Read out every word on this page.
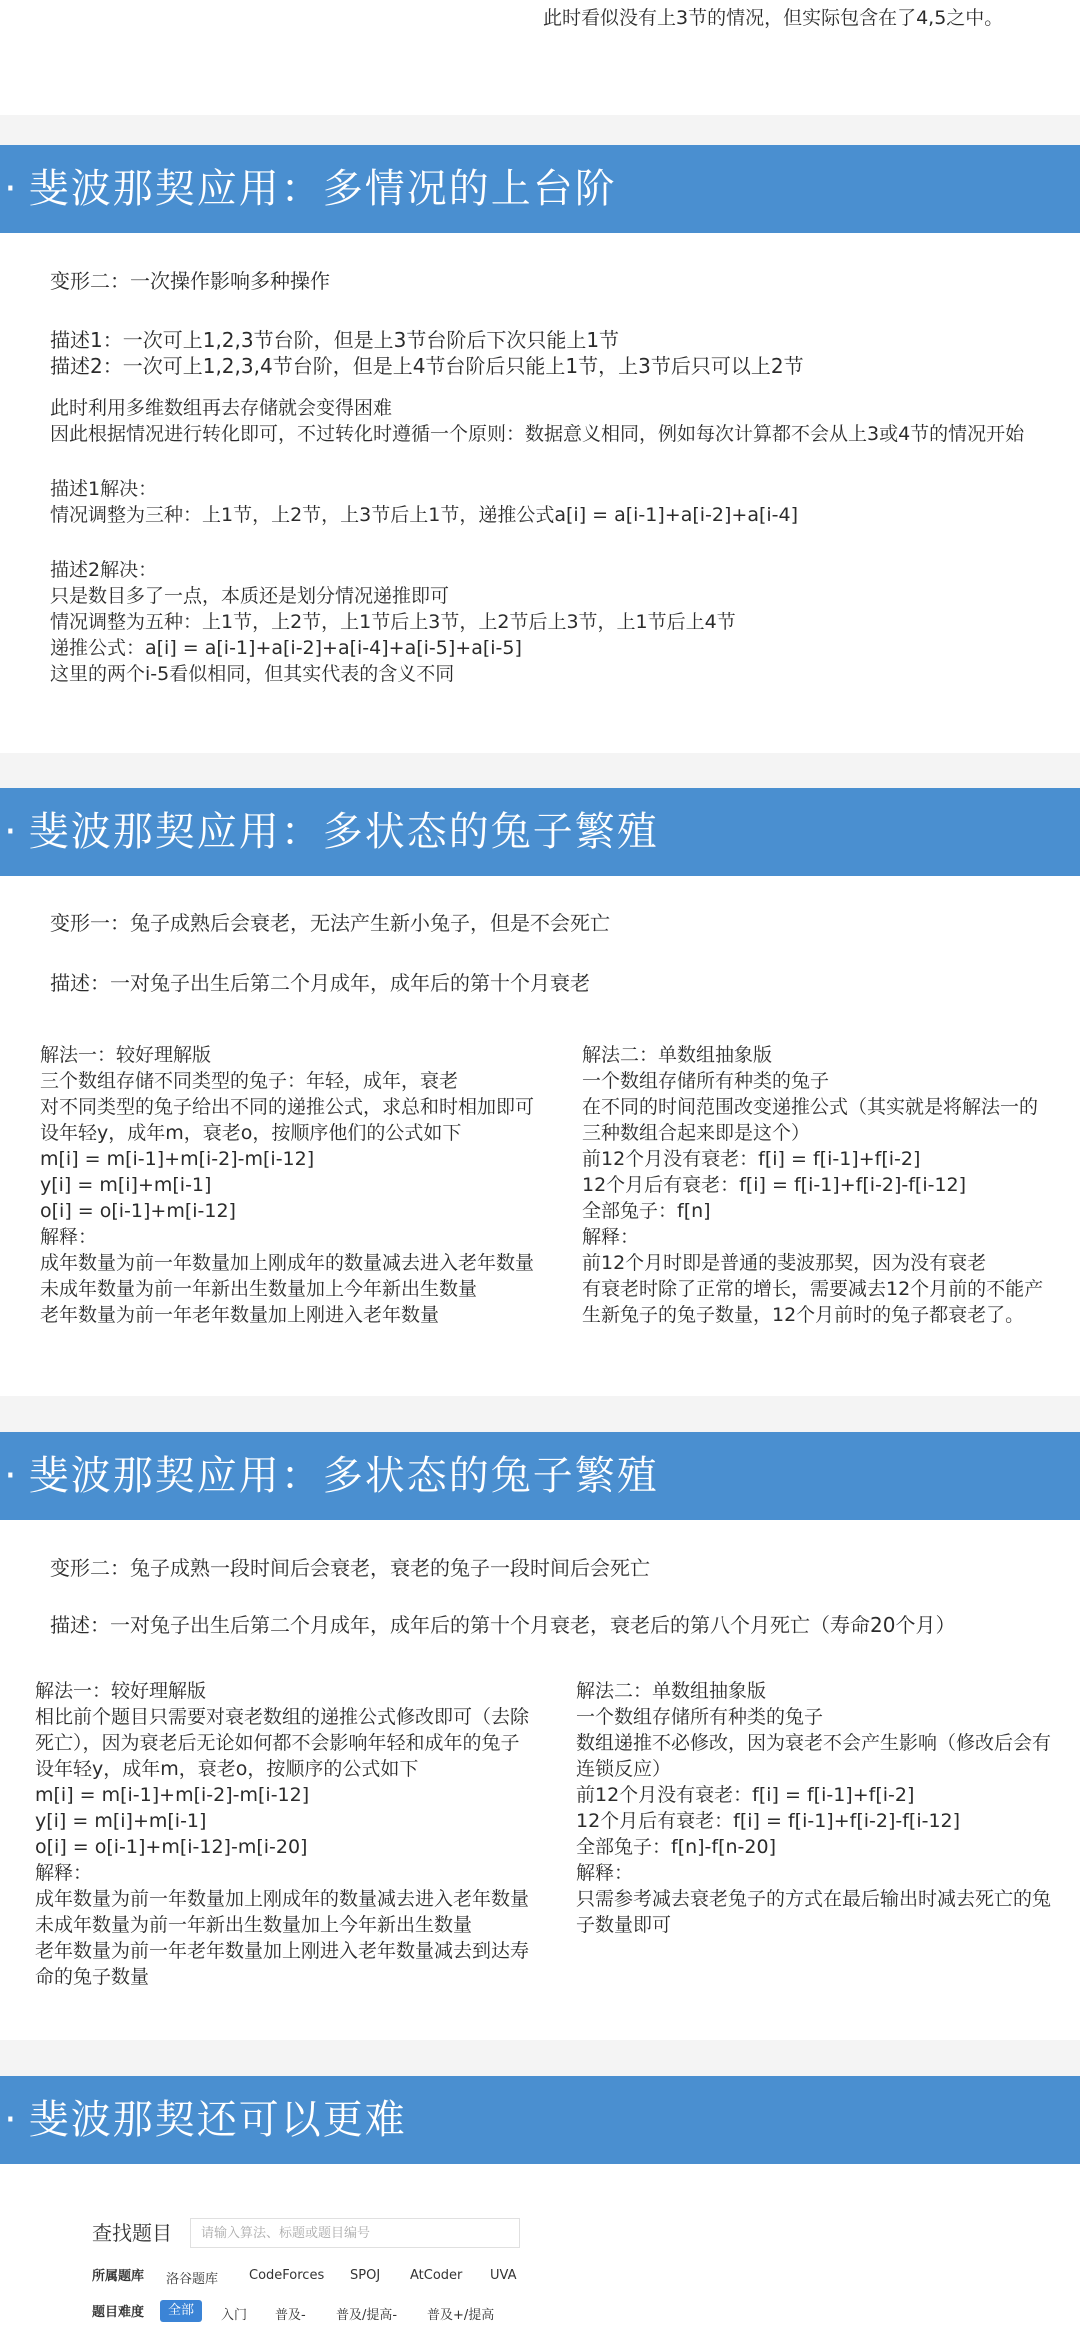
此时看似没有上3节的情况，但实际包含在了4,5之中。
· 斐波那契应用：多情况的上台阶
变形二：一次操作影响多种操作
描述1：一次可上1,2,3节台阶，但是上3节台阶后下次只能上1节
描述2：一次可上1,2,3,4节台阶，但是上4节台阶后只能上1节，上3节后只可以上2节
此时利用多维数组再去存储就会变得困难
因此根据情况进行转化即可，不过转化时遵循一个原则：数据意义相同，例如每次计算都不会从上3或4节的情况开始
描述1解决：
情况调整为三种：上1节，上2节，上3节后上1节，递推公式a[i] = a[i-1]+a[i-2]+a[i-4]
描述2解决：
只是数目多了一点，本质还是划分情况递推即可
情况调整为五种：上1节，上2节，上1节后上3节，上2节后上3节，上1节后上4节
递推公式：a[i] = a[i-1]+a[i-2]+a[i-4]+a[i-5]+a[i-5]
这里的两个i-5看似相同，但其实代表的含义不同
· 斐波那契应用：多状态的兔子繁殖
变形一：兔子成熟后会衰老，无法产生新小兔子，但是不会死亡
描述：一对兔子出生后第二个月成年，成年后的第十个月衰老
解法一：较好理解版
三个数组存储不同类型的兔子：年轻，成年，衰老
对不同类型的兔子给出不同的递推公式，求总和时相加即可
设年轻y，成年m，衰老o，按顺序他们的公式如下
m[i] = m[i-1]+m[i-2]-m[i-12]
y[i] = m[i]+m[i-1]
o[i] = o[i-1]+m[i-12]
解释：
成年数量为前一年数量加上刚成年的数量减去进入老年数量
未成年数量为前一年新出生数量加上今年新出生数量
老年数量为前一年老年数量加上刚进入老年数量
解法二：单数组抽象版
一个数组存储所有种类的兔子
在不同的时间范围改变递推公式（其实就是将解法一的
三种数组合起来即是这个）
前12个月没有衰老：f[i] = f[i-1]+f[i-2]
12个月后有衰老：f[i] = f[i-1]+f[i-2]-f[i-12]
全部兔子：f[n]
解释：
前12个月时即是普通的斐波那契，因为没有衰老
有衰老时除了正常的增长，需要减去12个月前的不能产
生新兔子的兔子数量，12个月前时的兔子都衰老了。
· 斐波那契应用：多状态的兔子繁殖
变形二：兔子成熟一段时间后会衰老，衰老的兔子一段时间后会死亡
描述：一对兔子出生后第二个月成年，成年后的第十个月衰老，衰老后的第八个月死亡（寿命20个月）
解法一：较好理解版
相比前个题目只需要对衰老数组的递推公式修改即可（去除
死亡），因为衰老后无论如何都不会影响年轻和成年的兔子
设年轻y，成年m，衰老o，按顺序的公式如下
m[i] = m[i-1]+m[i-2]-m[i-12]
y[i] = m[i]+m[i-1]
o[i] = o[i-1]+m[i-12]-m[i-20]
解释：
成年数量为前一年数量加上刚成年的数量减去进入老年数量
未成年数量为前一年新出生数量加上今年新出生数量
老年数量为前一年老年数量加上刚进入老年数量减去到达寿
命的兔子数量
解法二：单数组抽象版
一个数组存储所有种类的兔子
数组递推不必修改，因为衰老不会产生影响（修改后会有
连锁反应）
前12个月没有衰老：f[i] = f[i-1]+f[i-2]
12个月后有衰老：f[i] = f[i-1]+f[i-2]-f[i-12]
全部兔子：f[n]-f[n-20]
解释：
只需参考减去衰老兔子的方式在最后输出时减去死亡的兔
子数量即可
· 斐波那契还可以更难
查找题目	请输入算法、标题或题目编号
所属题库 洛谷题库 CodeForces SPOJ AtCoder UVA
题目难度	全部	入门 普及- 普及/提高- 普及+/提高
